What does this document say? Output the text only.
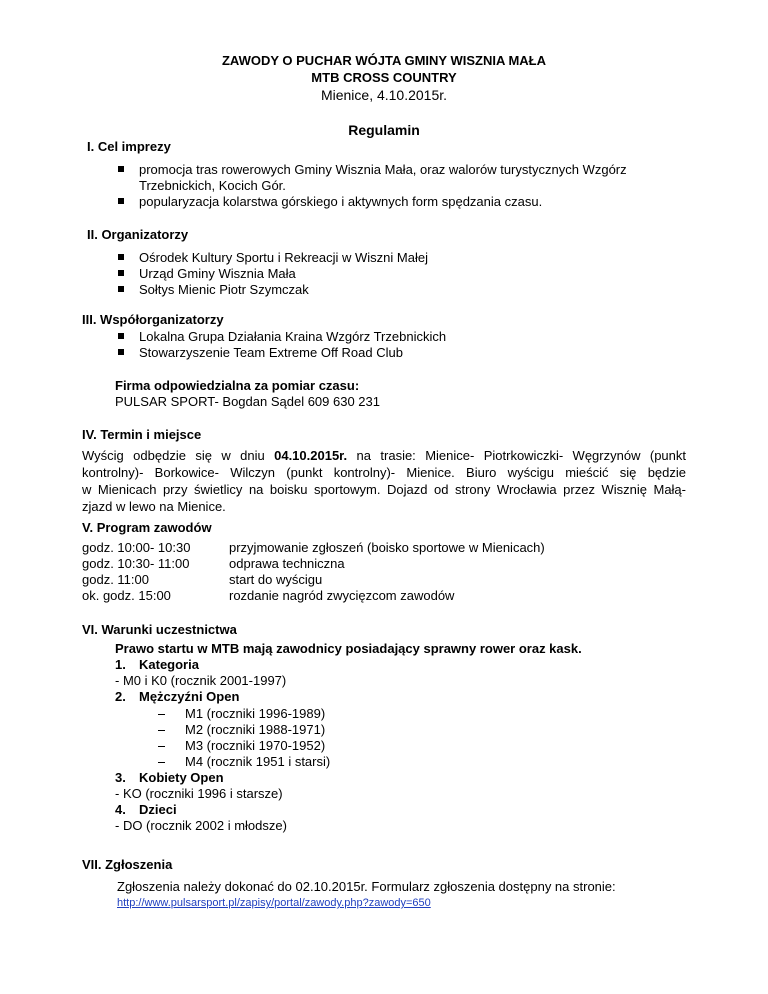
ZAWODY O PUCHAR WÓJTA GMINY WISZNIA MAŁA
MTB CROSS COUNTRY
Mienice, 4.10.2015r.
Regulamin
I. Cel imprezy
promocja tras rowerowych Gminy Wisznia Mała, oraz walorów turystycznych Wzgórz
Trzebnickich, Kocich Gór.
popularyzacja kolarstwa górskiego i aktywnych form spędzania czasu.
II. Organizatorzy
Ośrodek Kultury Sportu i Rekreacji w Wiszni Małej
Urząd Gminy Wisznia Mała
Sołtys Mienic Piotr Szymczak
III. Współorganizatorzy
Lokalna Grupa Działania Kraina Wzgórz Trzebnickich
Stowarzyszenie Team Extreme Off Road Club
Firma odpowiedzialna za pomiar czasu:
PULSAR SPORT- Bogdan Sądel 609 630 231
IV. Termin i miejsce
Wyścig odbędzie się w dniu 04.10.2015r. na trasie: Mienice- Piotrkowiczki- Węgrzynów (punkt
kontrolny)- Borkowice- Wilczyn (punkt kontrolny)- Mienice. Biuro wyścigu mieścić się będzie
w Mienicach przy świetlicy na boisku sportowym. Dojazd od strony Wrocławia przez Wisznię Małą-
zjazd w lewo na Mienice.
V. Program zawodów
godz. 10:00- 10:30	przyjmowanie zgłoszeń (boisko sportowe w Mienicach)
godz. 10:30- 11:00	odprawa techniczna
godz. 11:00	start do wyścigu
ok. godz. 15:00	rozdanie nagród zwycięzcom zawodów
VI. Warunki uczestnictwa
Prawo startu w MTB mają zawodnicy posiadający sprawny rower oraz kask.
1. Kategoria
- M0 i K0 (rocznik 2001-1997)
2. Mężczyźni Open
M1 (roczniki 1996-1989)
M2 (roczniki 1988-1971)
M3 (roczniki 1970-1952)
M4 (rocznik 1951 i starsi)
3. Kobiety Open
- KO (roczniki 1996 i starsze)
4. Dzieci
- DO (rocznik 2002 i młodsze)
VII. Zgłoszenia
Zgłoszenia należy dokonać do 02.10.2015r. Formularz zgłoszenia dostępny na stronie:
http://www.pulsarsport.pl/zapisy/portal/zawody.php?zawody=650
